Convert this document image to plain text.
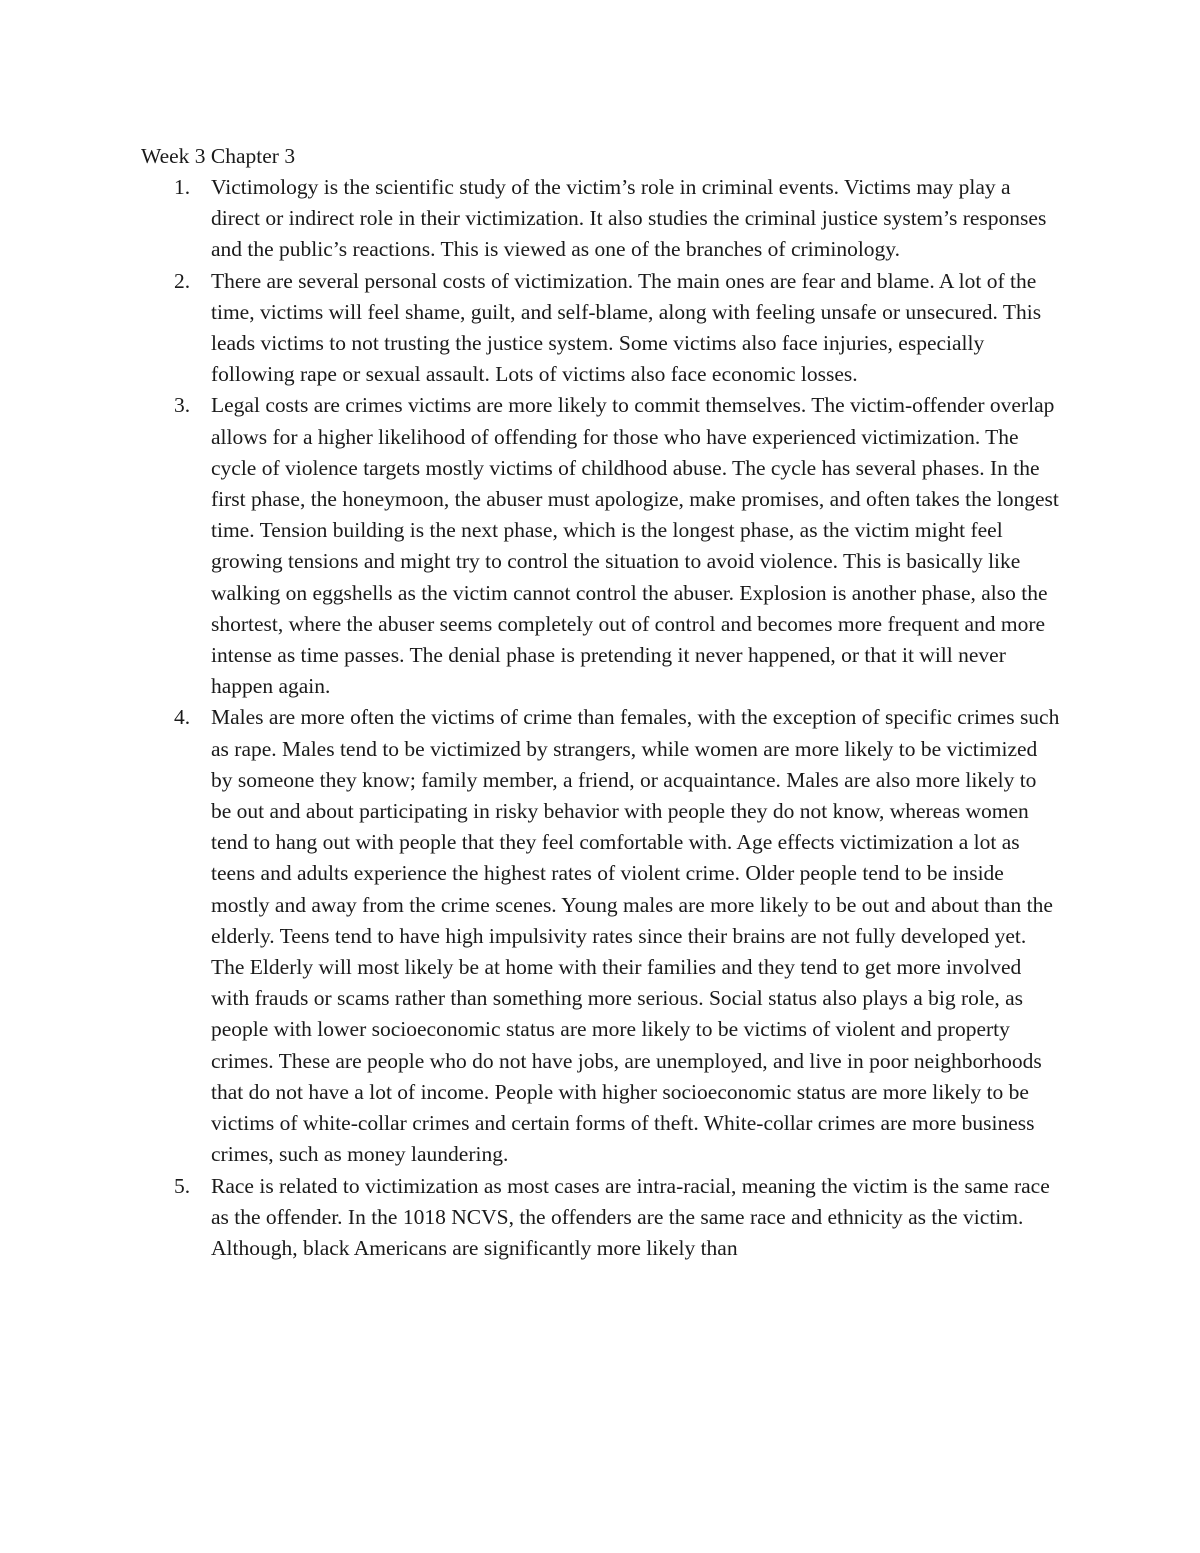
Week 3 Chapter 3
1. Victimology is the scientific study of the victim’s role in criminal events. Victims may play a direct or indirect role in their victimization. It also studies the criminal justice system’s responses and the public’s reactions. This is viewed as one of the branches of criminology.
2. There are several personal costs of victimization. The main ones are fear and blame. A lot of the time, victims will feel shame, guilt, and self-blame, along with feeling unsafe or unsecured. This leads victims to not trusting the justice system. Some victims also face injuries, especially following rape or sexual assault. Lots of victims also face economic losses.
3. Legal costs are crimes victims are more likely to commit themselves. The victim-offender overlap allows for a higher likelihood of offending for those who have experienced victimization. The cycle of violence targets mostly victims of childhood abuse. The cycle has several phases. In the first phase, the honeymoon, the abuser must apologize, make promises, and often takes the longest time. Tension building is the next phase, which is the longest phase, as the victim might feel growing tensions and might try to control the situation to avoid violence. This is basically like walking on eggshells as the victim cannot control the abuser. Explosion is another phase, also the shortest, where the abuser seems completely out of control and becomes more frequent and more intense as time passes. The denial phase is pretending it never happened, or that it will never happen again.
4. Males are more often the victims of crime than females, with the exception of specific crimes such as rape. Males tend to be victimized by strangers, while women are more likely to be victimized by someone they know; family member, a friend, or acquaintance. Males are also more likely to be out and about participating in risky behavior with people they do not know, whereas women tend to hang out with people that they feel comfortable with. Age effects victimization a lot as teens and adults experience the highest rates of violent crime. Older people tend to be inside mostly and away from the crime scenes. Young males are more likely to be out and about than the elderly. Teens tend to have high impulsivity rates since their brains are not fully developed yet. The Elderly will most likely be at home with their families and they tend to get more involved with frauds or scams rather than something more serious. Social status also plays a big role, as people with lower socioeconomic status are more likely to be victims of violent and property crimes. These are people who do not have jobs, are unemployed, and live in poor neighborhoods that do not have a lot of income. People with higher socioeconomic status are more likely to be victims of white-collar crimes and certain forms of theft. White-collar crimes are more business crimes, such as money laundering.
5. Race is related to victimization as most cases are intra-racial, meaning the victim is the same race as the offender. In the 1018 NCVS, the offenders are the same race and ethnicity as the victim. Although, black Americans are significantly more likely than
